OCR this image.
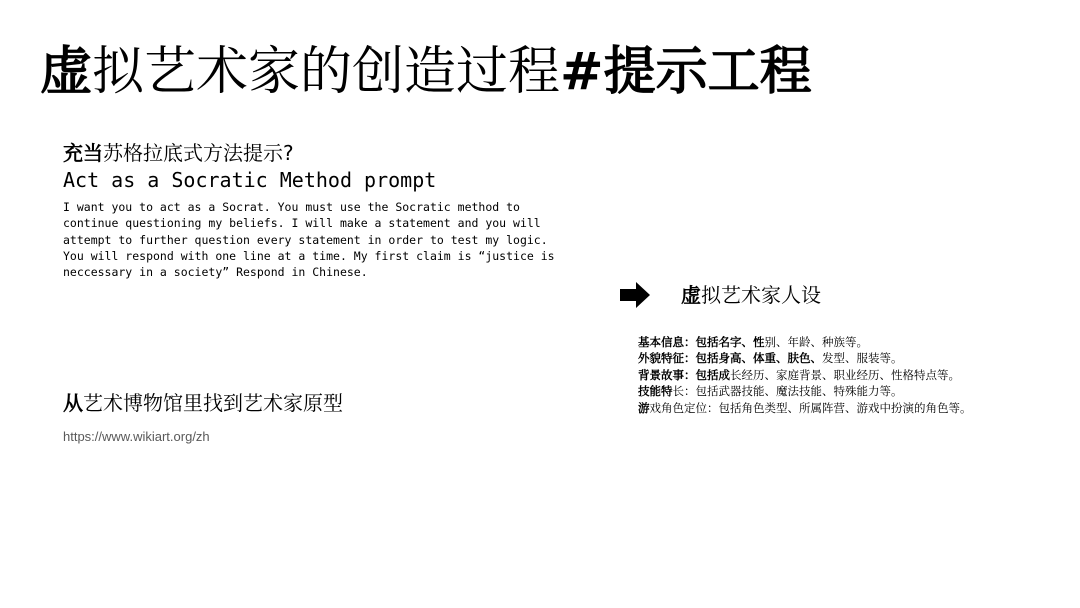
虚拟艺术家的创造过程#提示工程
充当苏格拉底式方法提示?
Act as a Socratic Method prompt
I want you to act as a Socrat. You must use the Socratic method to
continue questioning my beliefs. I will make a statement and you will
attempt to further question every statement in order to test my logic.
You will respond with one line at a time. My first claim is “justice is
neccessary in a society” Respond in Chinese.
虚拟艺术家人设
基本信息：包括名字、性别、年龄、种族等。
外貌特征：包括身高、体重、肤色、发型、服装等。
背景故事：包括成长经历、家庭背景、职业经历、性格特点等。
技能特长：包括武器技能、魔法技能、特殊能力等。
游戏角色定位：包括角色类型、所属阵营、游戏中扮演的角色等。
从艺术博物馆里找到艺术家原型
https://www.wikiart.org/zh
